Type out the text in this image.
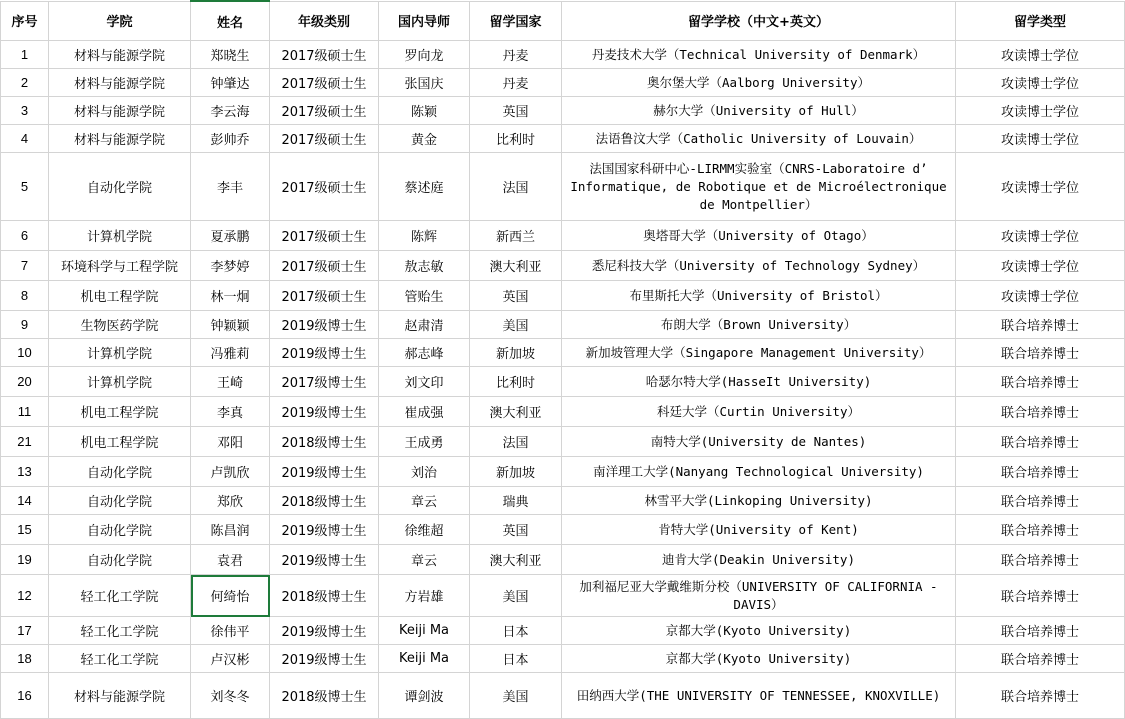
序号	学院	姓名	年级类别	国内导师	留学国家	留学学校（中文+英文）	留学类型
1	材料与能源学院	郑晓生	2017级硕士生	罗向龙	丹麦	丹麦技术大学（Technical University of Denmark）	攻读博士学位
2	材料与能源学院	钟肇达	2017级硕士生	张国庆	丹麦	奥尔堡大学（Aalborg University）	攻读博士学位
3	材料与能源学院	李云海	2017级硕士生	陈颖	英国	赫尔大学（University of Hull）	攻读博士学位
4	材料与能源学院	彭帅乔	2017级硕士生	黄金	比利时	法语鲁汶大学（Catholic University of Louvain）	攻读博士学位
5	自动化学院	李丰	2017级硕士生	蔡述庭	法国	法国国家科研中心-LIRMM实验室（CNRS-Laboratoire d’ Informatique, de Robotique et de Microélectronique de Montpellier）	攻读博士学位
6	计算机学院	夏承鹏	2017级硕士生	陈辉	新西兰	奥塔哥大学（University of Otago）	攻读博士学位
7	环境科学与工程学院	李梦婷	2017级硕士生	敖志敏	澳大利亚	悉尼科技大学（University of Technology Sydney）	攻读博士学位
8	机电工程学院	林一炯	2017级硕士生	管贻生	英国	布里斯托大学（University of Bristol）	攻读博士学位
9	生物医药学院	钟颖颖	2019级博士生	赵肃清	美国	布朗大学（Brown University）	联合培养博士
10	计算机学院	冯雅莉	2019级博士生	郝志峰	新加坡	新加坡管理大学（Singapore Management University）	联合培养博士
20	计算机学院	王崎	2017级博士生	刘文印	比利时	哈瑟尔特大学(HasseIt University)	联合培养博士
11	机电工程学院	李真	2019级博士生	崔成强	澳大利亚	科廷大学（Curtin University）	联合培养博士
21	机电工程学院	邓阳	2018级博士生	王成勇	法国	南特大学(University de Nantes)	联合培养博士
13	自动化学院	卢凯欣	2019级博士生	刘治	新加坡	南洋理工大学(Nanyang Technological University)	联合培养博士
14	自动化学院	郑欣	2018级博士生	章云	瑞典	林雪平大学(Linkoping University)	联合培养博士
15	自动化学院	陈昌润	2019级博士生	徐维超	英国	肯特大学(University of Kent)	联合培养博士
19	自动化学院	袁君	2019级博士生	章云	澳大利亚	迪肯大学(Deakin University)	联合培养博士
12	轻工化工学院	何绮怡	2018级博士生	方岩雄	美国	加利福尼亚大学戴维斯分校（UNIVERSITY OF CALIFORNIA - DAVIS）	联合培养博士
17	轻工化工学院	徐伟平	2019级博士生	Keiji Ma	日本	京都大学(Kyoto University)	联合培养博士
18	轻工化工学院	卢汉彬	2019级博士生	Keiji Ma	日本	京都大学(Kyoto University)	联合培养博士
16	材料与能源学院	刘冬冬	2018级博士生	谭剑波	美国	田纳西大学(THE UNIVERSITY OF TENNESSEE, KNOXVILLE)	联合培养博士
